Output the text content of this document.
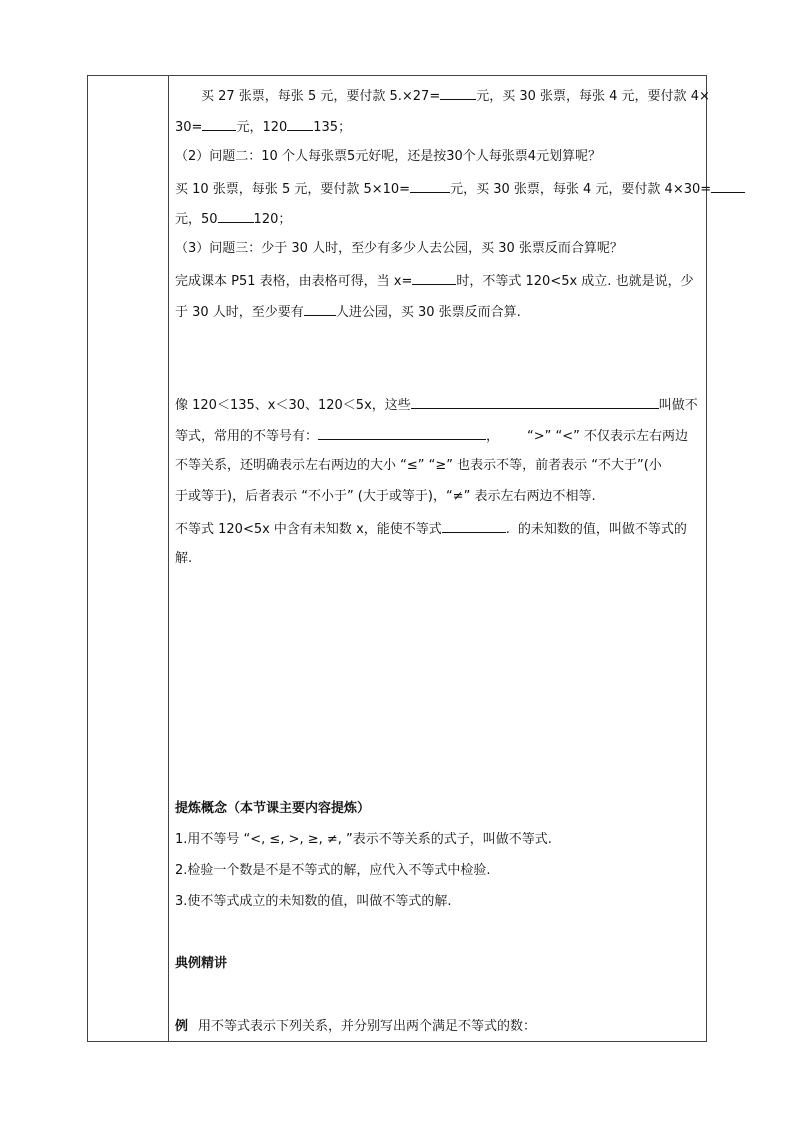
买 27 张票，每张 5 元，要付款 5.×27=	元，买 30 张票，每张 4 元，要付款 4×
30=	元，120 135；
（2）问题二：10 个人每张票5元好呢，还是按30个人每张票4元划算呢？
买 10 张票，每张 5 元，要付款 5×10=	元，买 30 张票，每张 4 元，要付款 4×30=
元，50	120；
（3）问题三：少于 30 人时，至少有多少人去公园，买 30 张票反而合算呢？
完成课本 P51 表格，由表格可得，当 x=	时，不等式 120<5x 成立. 也就是说，少
于 30 人时，至少要有 人进公园，买 30 张票反而合算.
像 120＜135、x＜30、120＜5x，这些	叫做不
等式，常用的不等号有：	， “>” “<” 不仅表示左右两边
不等关系，还明确表示左右两边的大小 “≤” “≥” 也表示不等，前者表示 “不大于”(小
于或等于)，后者表示 “不小于” (大于或等于)，“≠” 表示左右两边不相等.
不等式 120<5x 中含有未知数 x，能使不等式	. 的未知数的值，叫做不等式的
解.
提炼概念（本节课主要内容提炼）
1.用不等号 “<, ≤, >, ≥, ≠, ”表示不等关系的式子，叫做不等式.
2.检验一个数是不是不等式的解，应代入不等式中检验.
3.使不等式成立的未知数的值，叫做不等式的解.
典例精讲
例 用不等式表示下列关系，并分别写出两个满足不等式的数：
